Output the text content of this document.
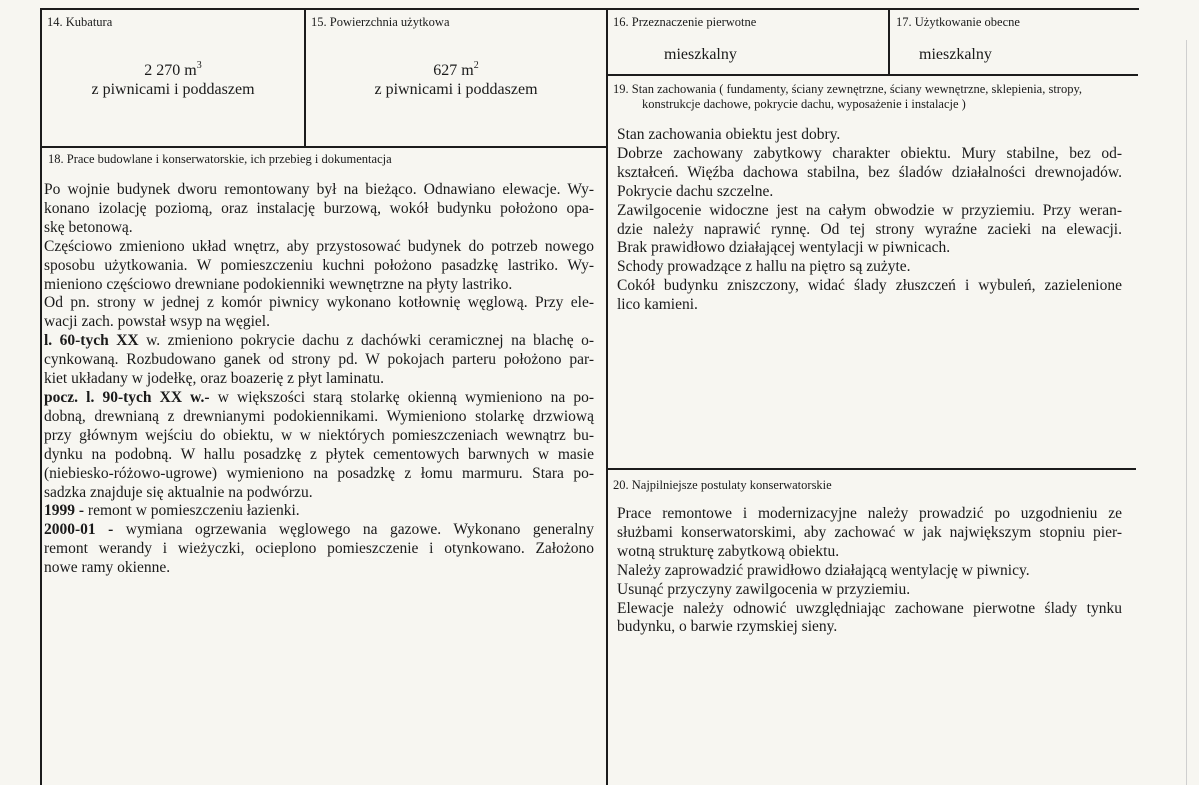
14. Kubatura
2 270 $m^3$
z piwnicami i poddaszem
15. Powierzchnia użytkowa
627 $m^2$
z piwnicami i poddaszem
16. Przeznaczenie pierwotne
mieszkalny
17. Użytkowanie obecne
mieszkalny
19. Stan zachowania ( fundamenty, ściany zewnętrzne, ściany wewnętrzne, sklepienia, stropy,
konstrukcje dachowe, pokrycie dachu, wyposażenie i instalacje )
Stan zachowania obiektu jest dobry.
Dobrze zachowany zabytkowy charakter obiektu. Mury stabilne, bez od-
kształceń. Więźba dachowa stabilna, bez śladów działalności drewnojadów.
Pokrycie dachu szczelne.
Zawilgocenie widoczne jest na całym obwodzie w przyziemiu. Przy weran-
dzie należy naprawić rynnę. Od tej strony wyraźne zacieki na elewacji.
Brak prawidłowo działającej wentylacji w piwnicach.
Schody prowadzące z hallu na piętro są zużyte.
Cokół budynku zniszczony, widać ślady złuszczeń i wybuleń, zazielenione
lico kamieni.
18. Prace budowlane i konserwatorskie, ich przebieg i dokumentacja
Po wojnie budynek dworu remontowany był na bieżąco. Odnawiano elewacje. Wy-
konano izolację poziomą, oraz instalację burzową, wokół budynku położono opa-
skę betonową.
Częściowo zmieniono układ wnętrz, aby przystosować budynek do potrzeb nowego
sposobu użytkowania. W pomieszczeniu kuchni położono pasadzkę lastriko. Wy-
mieniono częściowo drewniane podokienniki wewnętrzne na płyty lastriko.
Od pn. strony w jednej z komór piwnicy wykonano kotłownię węglową. Przy ele-
wacji zach. powstał wsyp na węgiel.
l. 60-tych XX w. zmieniono pokrycie dachu z dachówki ceramicznej na blachę o-
cynkowaną. Rozbudowano ganek od strony pd. W pokojach parteru położono par-
kiet układany w jodełkę, oraz boazerię z płyt laminatu.
pocz. l. 90-tych XX w.- w większości starą stolarkę okienną wymieniono na po-
dobną, drewnianą z drewnianymi podokiennikami. Wymieniono stolarkę drzwiową
przy głównym wejściu do obiektu, w w niektórych pomieszczeniach wewnątrz bu-
dynku na podobną. W hallu posadzkę z płytek cementowych barwnych w masie
(niebiesko-różowo-ugrowe) wymieniono na posadzkę z łomu marmuru. Stara po-
sadzka znajduje się aktualnie na podwórzu.
1999 - remont w pomieszczeniu łazienki.
2000-01 - wymiana ogrzewania węglowego na gazowe. Wykonano generalny
remont werandy i wieżyczki, ocieplono pomieszczenie i otynkowano. Założono
nowe ramy okienne.
20. Najpilniejsze postulaty konserwatorskie
Prace remontowe i modernizacyjne należy prowadzić po uzgodnieniu ze
służbami konserwatorskimi, aby zachować w jak największym stopniu pier-
wotną strukturę zabytkową obiektu.
Należy zaprowadzić prawidłowo działającą wentylację w piwnicy.
Usunąć przyczyny zawilgocenia w przyziemiu.
Elewacje należy odnowić uwzględniając zachowane pierwotne ślady tynku
budynku, o barwie rzymskiej sieny.
